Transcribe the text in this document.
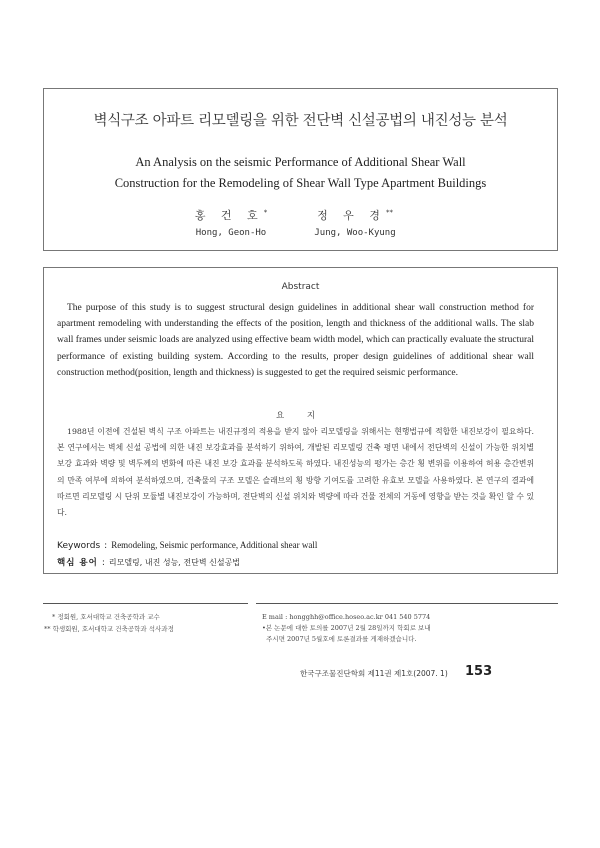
벽식구조 아파트 리모델링을 위한 전단벽 신설공법의 내진성능 분석
An Analysis on the seismic Performance of Additional Shear Wall
Construction for the Remodeling of Shear Wall Type Apartment Buildings
홍 건 호*
Hong, Geon-Ho
정 우 경**
Jung, Woo-Kyung
Abstract
The purpose of this study is to suggest structural design guidelines in additional shear wall construction method for apartment remodeling with understanding the effects of the position, length and thickness of the additional walls. The slab wall frames under seismic loads are analyzed using effective beam width model, which can practically evaluate the structural performance of existing building system. According to the results, proper design guidelines of additional shear wall construction method(position, length and thickness) is suggested to get the required seismic performance.
요 지
1988년 이전에 건설된 벽식 구조 아파트는 내진규정의 적용을 받지 않아 리모델링을 위해서는 현행법규에 적합한 내진보강이 필요하다. 본 연구에서는 벽체 신설 공법에 의한 내진 보강효과를 분석하기 위하여, 개발된 리모델링 건축 평면 내에서 전단벽의 신설이 가능한 위치별 보강 효과와 벽량 및 벽두께의 변화에 따른 내진 보강 효과를 분석하도록 하였다. 내진성능의 평가는 층간 횡 변위를 이용하여 허용 층간변위의 만족 여부에 의하여 분석하였으며, 건축물의 구조 모델은 슬래브의 횡 방향 기여도를 고려한 유효보 모델을 사용하였다. 본 연구의 결과에 따르면 리모델링 시 단위 모듈별 내진보강이 가능하며, 전단벽의 신설 위치와 벽량에 따라 건물 전체의 거동에 영향을 받는 것을 확인 할 수 있다.
Keywords : Remodeling, Seismic performance, Additional shear wall
핵심 용어 : 리모델링, 내진 성능, 전단벽 신설공법
* 정회원, 호서대학교 건축공학과 교수
** 학생회원, 호서대학교 건축공학과 석사과정
E mail : hongghh@office.hoseo.ac.kr 041 540 5774
•본 논문에 대한 토의를 2007년 2월 28일까지 학회로 보내
주시면 2007년 5월호에 토론결과를 게재하겠습니다.
한국구조물진단학회 제11권 제1호(2007. 1) 153
